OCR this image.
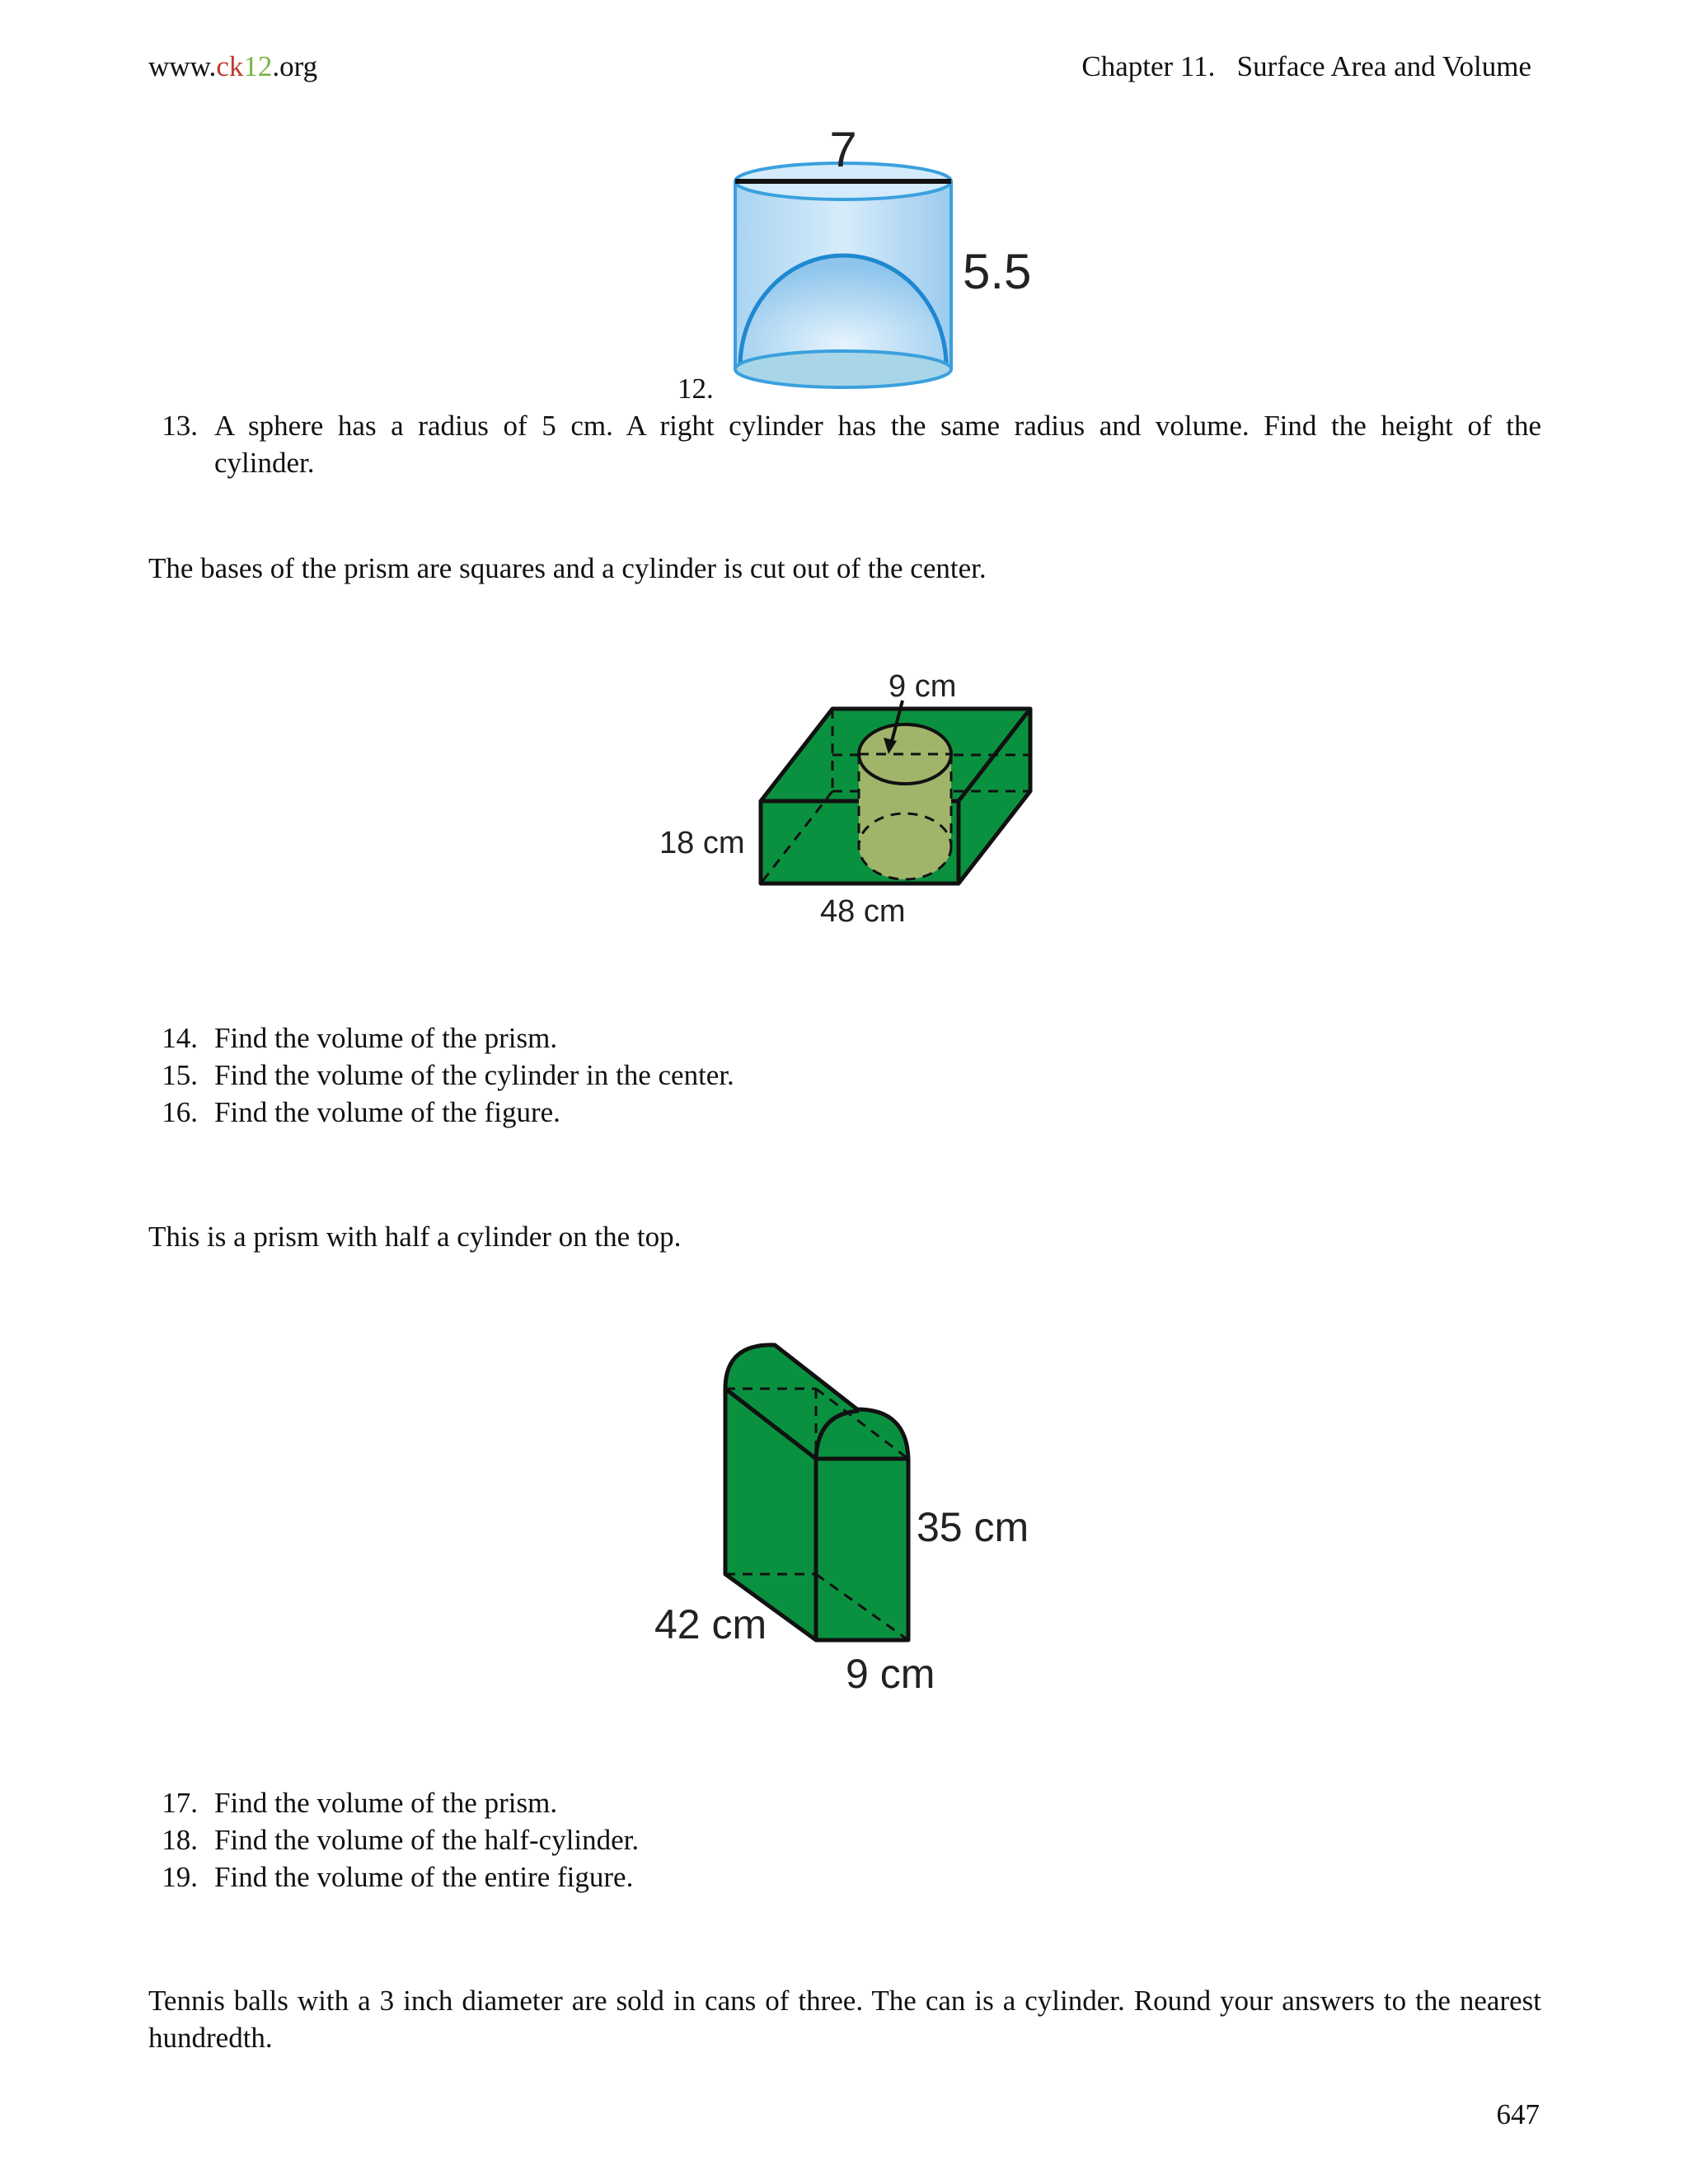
www.ck12.org	Chapter 11. Surface Area and Volume
7
5.5
12.
13. A sphere has a radius of 5 cm. A right cylinder has the same radius and volume. Find the height of the
cylinder.
The bases of the prism are squares and a cylinder is cut out of the center.
9 cm
18 cm
48 cm
14. Find the volume of the prism.
15. Find the volume of the cylinder in the center.
16. Find the volume of the figure.
This is a prism with half a cylinder on the top.
35 cm
42 cm
9 cm
17. Find the volume of the prism.
18. Find the volume of the half-cylinder.
19. Find the volume of the entire figure.
Tennis balls with a 3 inch diameter are sold in cans of three. The can is a cylinder. Round your answers to the nearest hundredth.
647
